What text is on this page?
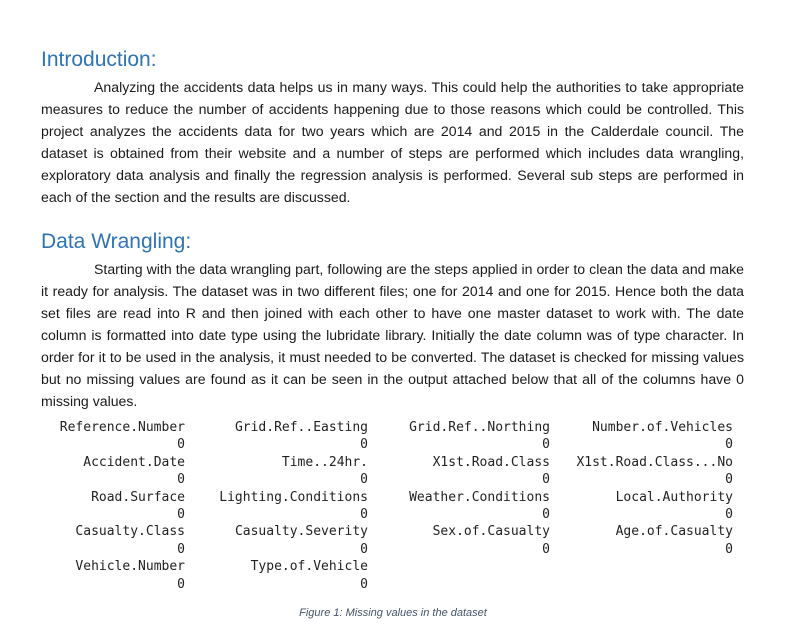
Introduction:

Analyzing the accidents data helps us in many ways. This could help the authorities to take appropriate measures to reduce the number of accidents happening due to those reasons which could be controlled. This project analyzes the accidents data for two years which are 2014 and 2015 in the Calderdale council. The dataset is obtained from their website and a number of steps are performed which includes data wrangling, exploratory data analysis and finally the regression analysis is performed. Several sub steps are performed in each of the section and the results are discussed.

Data Wrangling:

Starting with the data wrangling part, following are the steps applied in order to clean the data and make it ready for analysis. The dataset was in two different files; one for 2014 and one for 2015. Hence both the data set files are read into R and then joined with each other to have one master dataset to work with. The date column is formatted into date type using the lubridate library. Initially the date column was of type character. In order for it to be used in the analysis, it must needed to be converted. The dataset is checked for missing values but no missing values are found as it can be seen in the output attached below that all of the columns have 0 missing values.

Reference.Number	Grid.Ref..Easting	Grid.Ref..Northing	Number.of.Vehicles
0	0	0	0
Accident.Date	Time..24hr.	X1st.Road.Class	X1st.Road.Class...No
0	0	0	0
Road.Surface	Lighting.Conditions	Weather.Conditions	Local.Authority
0	0	0	0
Casualty.Class	Casualty.Severity	Sex.of.Casualty	Age.of.Casualty
0	0	0	0
Vehicle.Number	Type.of.Vehicle
0	0
Figure 1: Missing values in the dataset
